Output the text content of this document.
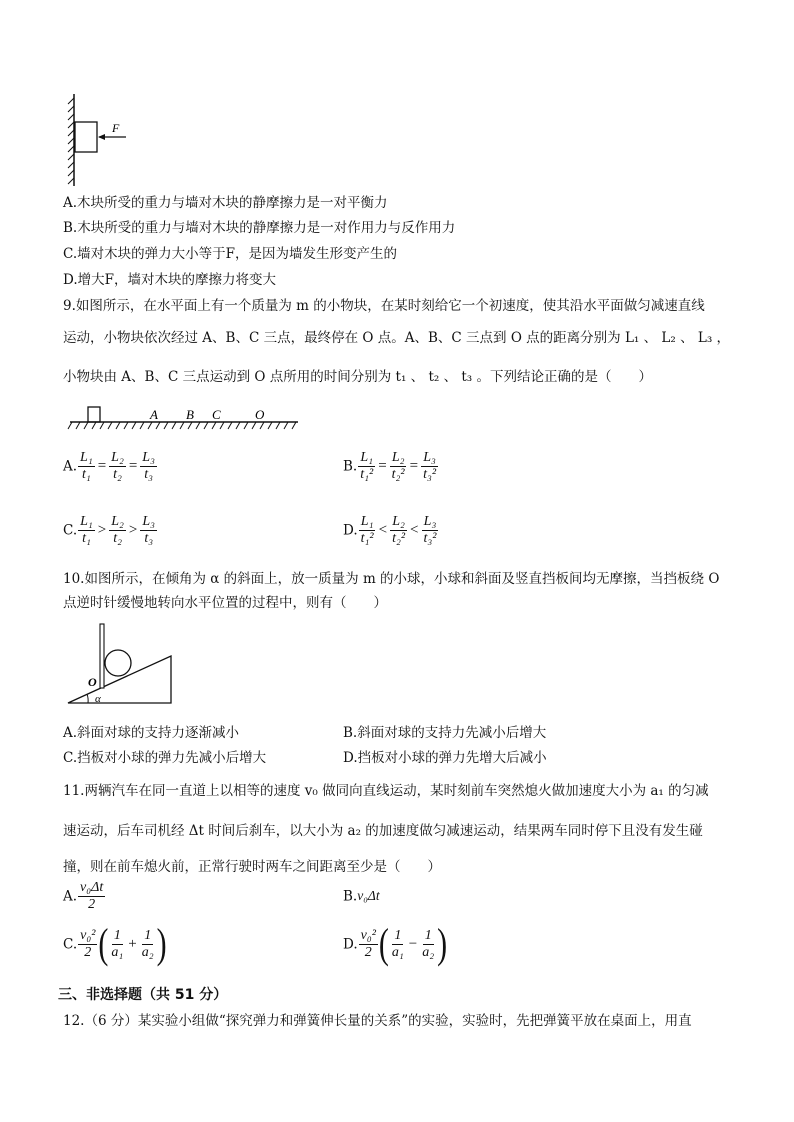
F
A.木块所受的重力与墙对木块的静摩擦力是一对平衡力
B.木块所受的重力与墙对木块的静摩擦力是一对作用力与反作用力
C.墙对木块的弹力大小等于F，是因为墙发生形变产生的
D.增大F，墙对木块的摩擦力将变大
9.如图所示，在水平面上有一个质量为 m 的小物块，在某时刻给它一个初速度，使其沿水平面做匀减速直线
运动，小物块依次经过 A、B、C 三点，最终停在 O 点。A、B、C 三点到 O 点的距离分别为 L₁ 、 L₂ 、 L₃ ，
小物块由 A、B、C 三点运动到 O 点所用的时间分别为 t₁ 、 t₂ 、 t₃ 。下列结论正确的是（　　）
A B C	O
A. $\frac{\text{L₁}}{\text{t₁}} = \frac{\text{L₂}}{\text{t₂}} = \frac{\text{L₃}}{\text{t₃}}$	B. $\frac{\text{L₁}}{\text{t₁²}} = \frac{\text{L₂}}{\text{t₂²}} = \frac{\text{L₃}}{\text{t₃²}}$
C. $\frac{\text{L₁}}{\text{t₁}} > \frac{\text{L₂}}{\text{t₂}} > \frac{\text{L₃}}{\text{t₃}}$	D. $\frac{\text{L₁}}{\text{t₁²}} < \frac{\text{L₂}}{\text{t₂²}} < \frac{\text{L₃}}{\text{t₃²}}$
10.如图所示，在倾角为 α 的斜面上，放一质量为 m 的小球，小球和斜面及竖直挡板间均无摩擦，当挡板绕 O
点逆时针缓慢地转向水平位置的过程中，则有（　　）
O
α
A.斜面对球的支持力逐渐减小	B.斜面对球的支持力先减小后增大
C.挡板对小球的弹力先减小后增大	D.挡板对小球的弹力先增大后减小
11.两辆汽车在同一直道上以相等的速度 v₀ 做同向直线运动，某时刻前车突然熄火做加速度大小为 a₁ 的匀减
速运动，后车司机经 Δt 时间后刹车，以大小为 a₂ 的加速度做匀减速运动，结果两车同时停下且没有发生碰
撞，则在前车熄火前，正常行驶时两车之间距离至少是（　　）
A. $\frac{\text{v₀Δt}}{2}$	B.v₀Δt
C. $\frac{\text{v₀²}}{2}$ ( $\frac{1}{\text{a₁}} + \frac{1}{\text{a₂}}$ )	D. $\frac{\text{v₀²}}{2}$ ( $\frac{1}{\text{a₁}} - \frac{1}{\text{a₂}}$ )
三、非选择题（共 51 分）
12.（6 分）某实验小组做“探究弹力和弹簧伸长量的关系”的实验，实验时，先把弹簧平放在桌面上，用直
